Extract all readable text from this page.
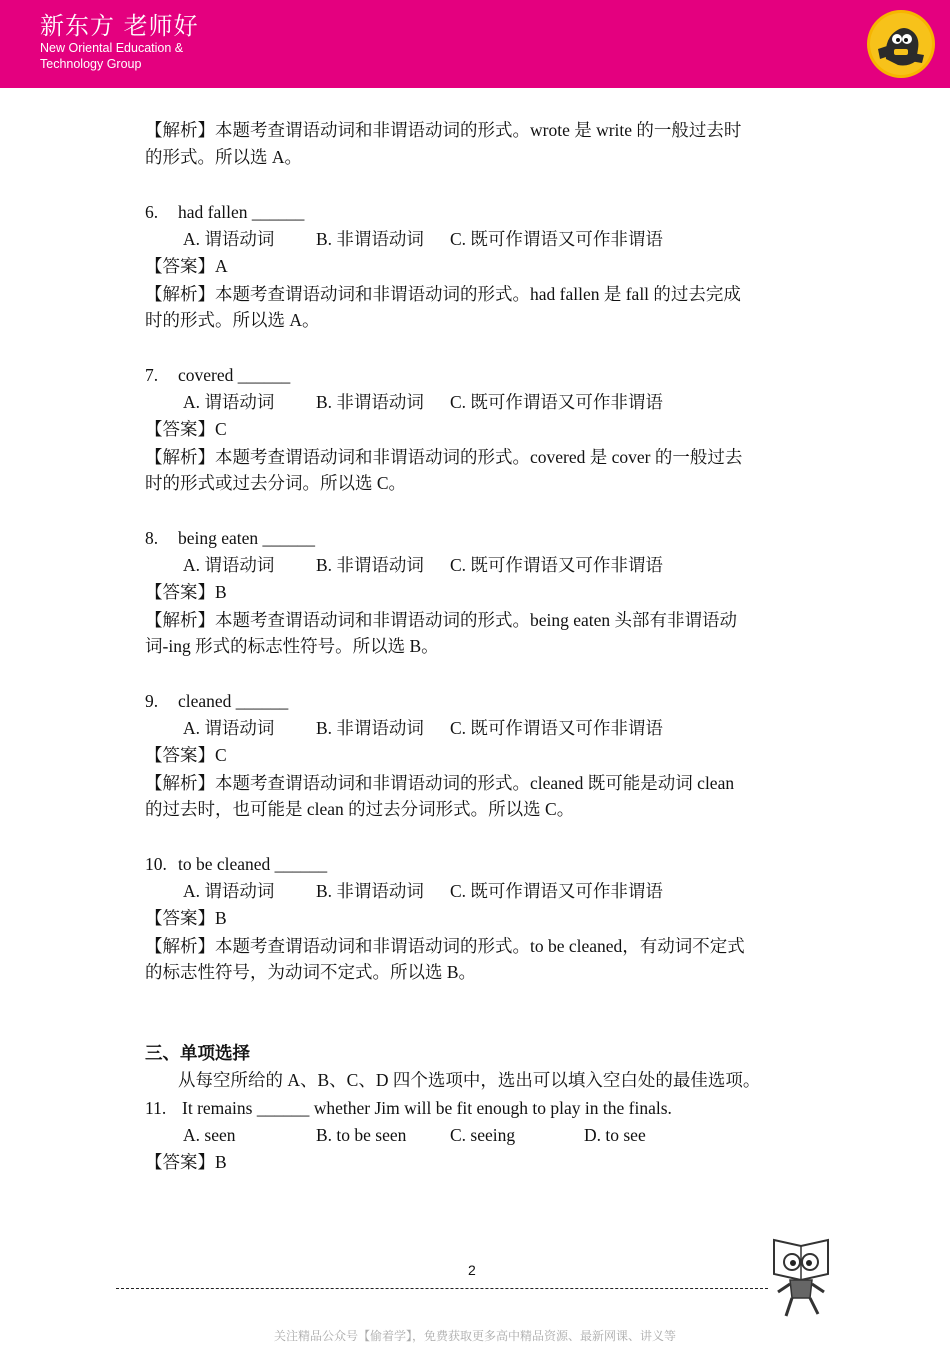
新东方 老师好
New Oriental Education &
Technology Group
【解析】本题考查谓语动词和非谓语动词的形式。wrote 是 write 的一般过去时
的形式。所以选 A。
6. had fallen ______
A. 谓语动词 B. 非谓语动词 C. 既可作谓语又可作非谓语
【答案】A
【解析】本题考查谓语动词和非谓语动词的形式。had fallen 是 fall 的过去完成
时的形式。所以选 A。
7. covered ______
A. 谓语动词 B. 非谓语动词 C. 既可作谓语又可作非谓语
【答案】C
【解析】本题考查谓语动词和非谓语动词的形式。covered 是 cover 的一般过去
时的形式或过去分词。所以选 C。
8. being eaten ______
A. 谓语动词 B. 非谓语动词 C. 既可作谓语又可作非谓语
【答案】B
【解析】本题考查谓语动词和非谓语动词的形式。being eaten 头部有非谓语动
词-ing 形式的标志性符号。所以选 B。
9. cleaned ______
A. 谓语动词 B. 非谓语动词 C. 既可作谓语又可作非谓语
【答案】C
【解析】本题考查谓语动词和非谓语动词的形式。cleaned 既可能是动词 clean
的过去时，也可能是 clean 的过去分词形式。所以选 C。
10. to be cleaned ______
A. 谓语动词 B. 非谓语动词 C. 既可作谓语又可作非谓语
【答案】B
【解析】本题考查谓语动词和非谓语动词的形式。to be cleaned，有动词不定式
的标志性符号，为动词不定式。所以选 B。
三、单项选择
从每空所给的 A、B、C、D 四个选项中，选出可以填入空白处的最佳选项。
11. It remains ______ whether Jim will be fit enough to play in the finals.
A. seen	B. to be seen C. seeing	D. to see
【答案】B
2
关注精品公众号【偷着学】，免费获取更多高中精品资源、最新网课、讲义等
